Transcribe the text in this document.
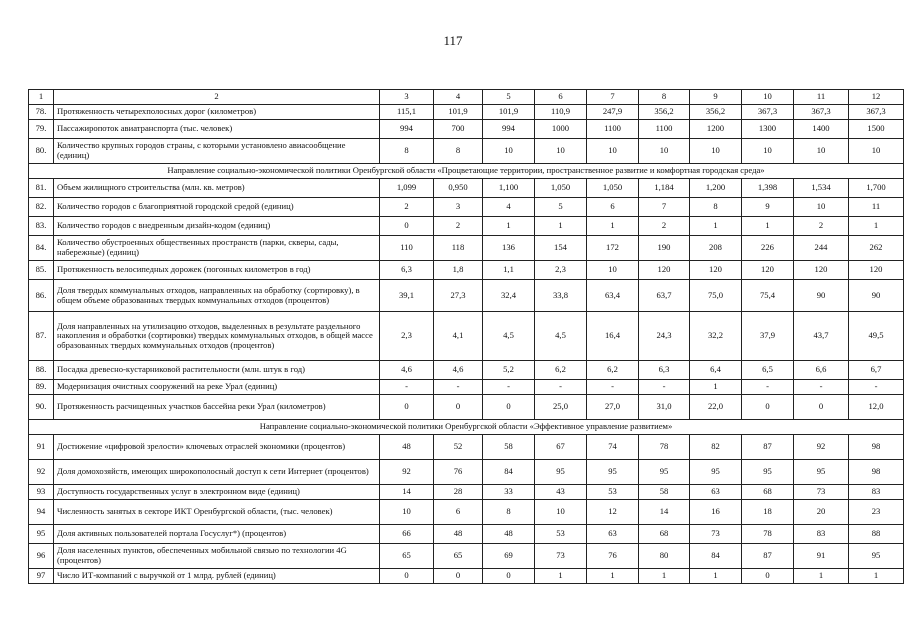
117
1	2	3	4	5	6	7	8	9	10	11	12
78.	Протяженность четырехполосных дорог (километров)	115,1	101,9	101,9	110,9	247,9	356,2	356,2	367,3	367,3	367,3
79.	Пассажиропоток авиатранспорта (тыс. человек)	994	700	994	1000	1100	1100	1200	1300	1400	1500
80.	Количество крупных городов страны, с которыми установлено авиасообщение (единиц)	8	8	10	10	10	10	10	10	10	10
Направление социально-экономической политики Оренбургской области «Процветающие территории, пространственное развитие и комфортная городская среда»											
81.	Объем жилищного строительства (млн. кв. метров)	1,099	0,950	1,100	1,050	1,050	1,184	1,200	1,398	1,534	1,700
82.	Количество городов с благоприятной городской средой (единиц)	2	3	4	5	6	7	8	9	10	11
83.	Количество городов с внедренным дизайн-кодом (единиц)	0	2	1	1	1	2	1	1	2	1
84.	Количество обустроенных общественных пространств (парки, скверы, сады, набережные) (единиц)	110	118	136	154	172	190	208	226	244	262
85.	Протяженность велосипедных дорожек (погонных километров в год)	6,3	1,8	1,1	2,3	10	120	120	120	120	120
86.	Доля твердых коммунальных отходов, направленных на обработку (сортировку), в общем объеме образованных твердых коммунальных отходов (процентов)	39,1	27,3	32,4	33,8	63,4	63,7	75,0	75,4	90	90
87.	Доля направленных на утилизацию отходов, выделенных в результате раздельного накопления и обработки (сортировки) твердых коммунальных отходов, в общей массе образованных твердых коммунальных отходов (процентов)	2,3	4,1	4,5	4,5	16,4	24,3	32,2	37,9	43,7	49,5
88.	Посадка древесно-кустарниковой растительности (млн. штук в год)	4,6	4,6	5,2	6,2	6,2	6,3	6,4	6,5	6,6	6,7
89.	Модернизация очистных сооружений на реке Урал (единиц)	-	-	-	-	-	-	1	-	-	-
90.	Протяженность расчищенных участков бассейна реки Урал (километров)	0	0	0	25,0	27,0	31,0	22,0	0	0	12,0
Направление социально-экономической политики Оренбургской области «Эффективное управление развитием»											
91	Достижение «цифровой зрелости» ключевых отраслей экономики (процентов)	48	52	58	67	74	78	82	87	92	98
92	Доля домохозяйств, имеющих широкополосный доступ к сети Интернет (процентов)	92	76	84	95	95	95	95	95	95	98
93	Доступность государственных услуг в электронном виде (единиц)	14	28	33	43	53	58	63	68	73	83
94	Численность занятых в секторе ИКТ Оренбургской области, (тыс. человек)	10	6	8	10	12	14	16	18	20	23
95	Доля активных пользователей портала Госуслуг*) (процентов)	66	48	48	53	63	68	73	78	83	88
96	Доля населенных пунктов, обеспеченных мобильной связью по технологии 4G (процентов)	65	65	69	73	76	80	84	87	91	95
97	Число ИТ-компаний с выручкой от 1 млрд. рублей (единиц)	0	0	0	1	1	1	1	0	1	1
